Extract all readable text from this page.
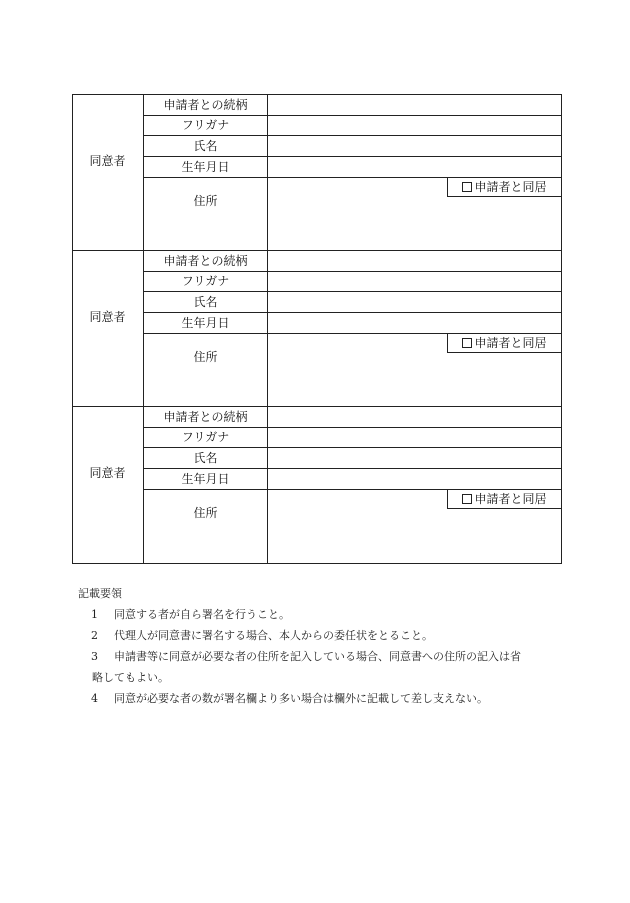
同意者
申請者との続柄
フリガナ
氏名
生年月日
住所
申請者と同居
同意者
申請者との続柄
フリガナ
氏名
生年月日
住所
申請者と同居
同意者
申請者との続柄
フリガナ
氏名
生年月日
住所
申請者と同居
記載要領
1 同意する者が自ら署名を行うこと。
2 代理人が同意書に署名する場合、本人からの委任状をとること。
3 申請書等に同意が必要な者の住所を記入している場合、同意書への住所の記入は省
略してもよい。
4 同意が必要な者の数が署名欄より多い場合は欄外に記載して差し支えない。
